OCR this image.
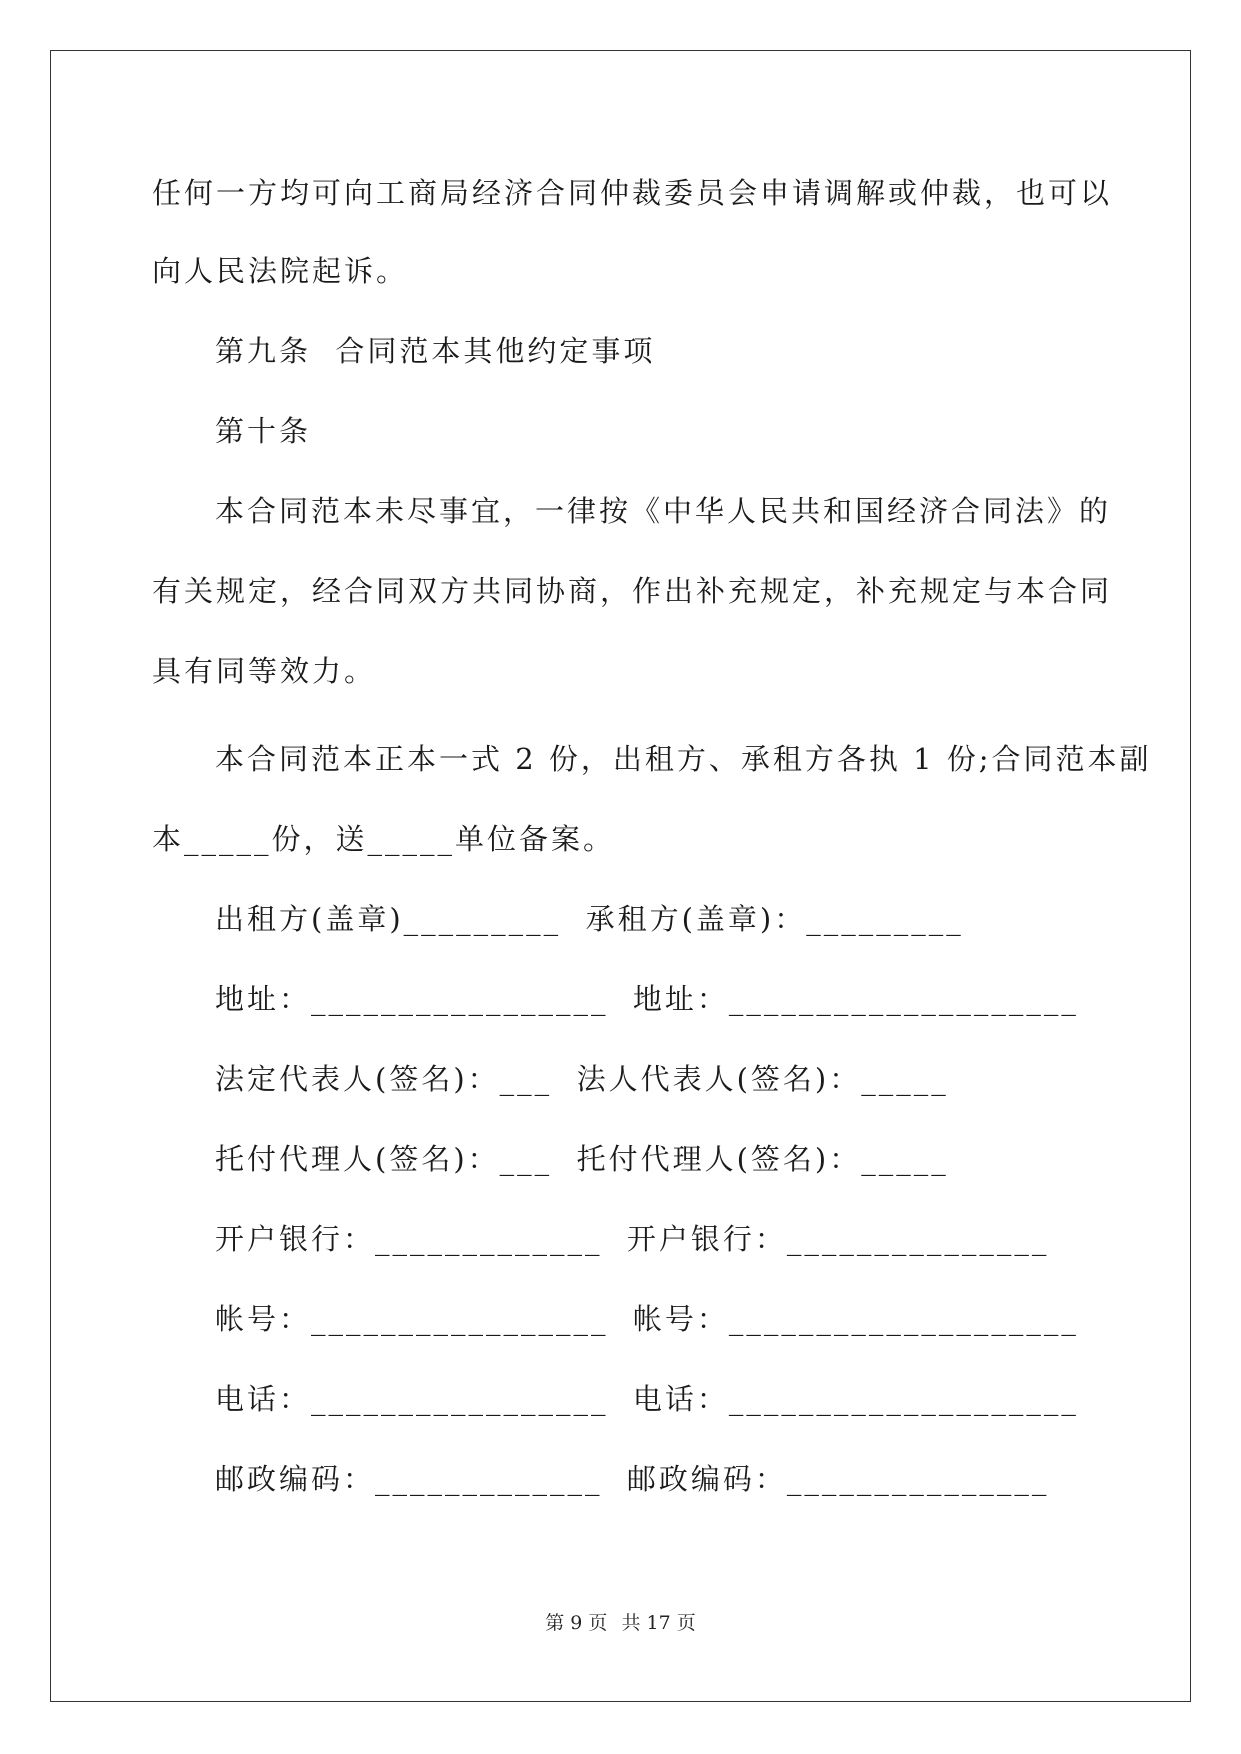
任何一方均可向工商局经济合同仲裁委员会申请调解或仲裁，也可以
向人民法院起诉。
第九条  合同范本其他约定事项
第十条
本合同范本未尽事宜，一律按《中华人民共和国经济合同法》的
有关规定，经合同双方共同协商，作出补充规定，补充规定与本合同
具有同等效力。
本合同范本正本一式 2 份，出租方、承租方各执 1 份;合同范本副
本_____份，送_____单位备案。
出租方(盖章)_________  承租方(盖章)：_________
地址：_________________  地址：____________________
法定代表人(签名)：___  法人代表人(签名)：_____
托付代理人(签名)：___  托付代理人(签名)：_____
开户银行：_____________  开户银行：_______________
帐号：_________________  帐号：____________________
电话：_________________  电话：____________________
邮政编码：_____________  邮政编码：_______________
第 9 页 共 17 页
